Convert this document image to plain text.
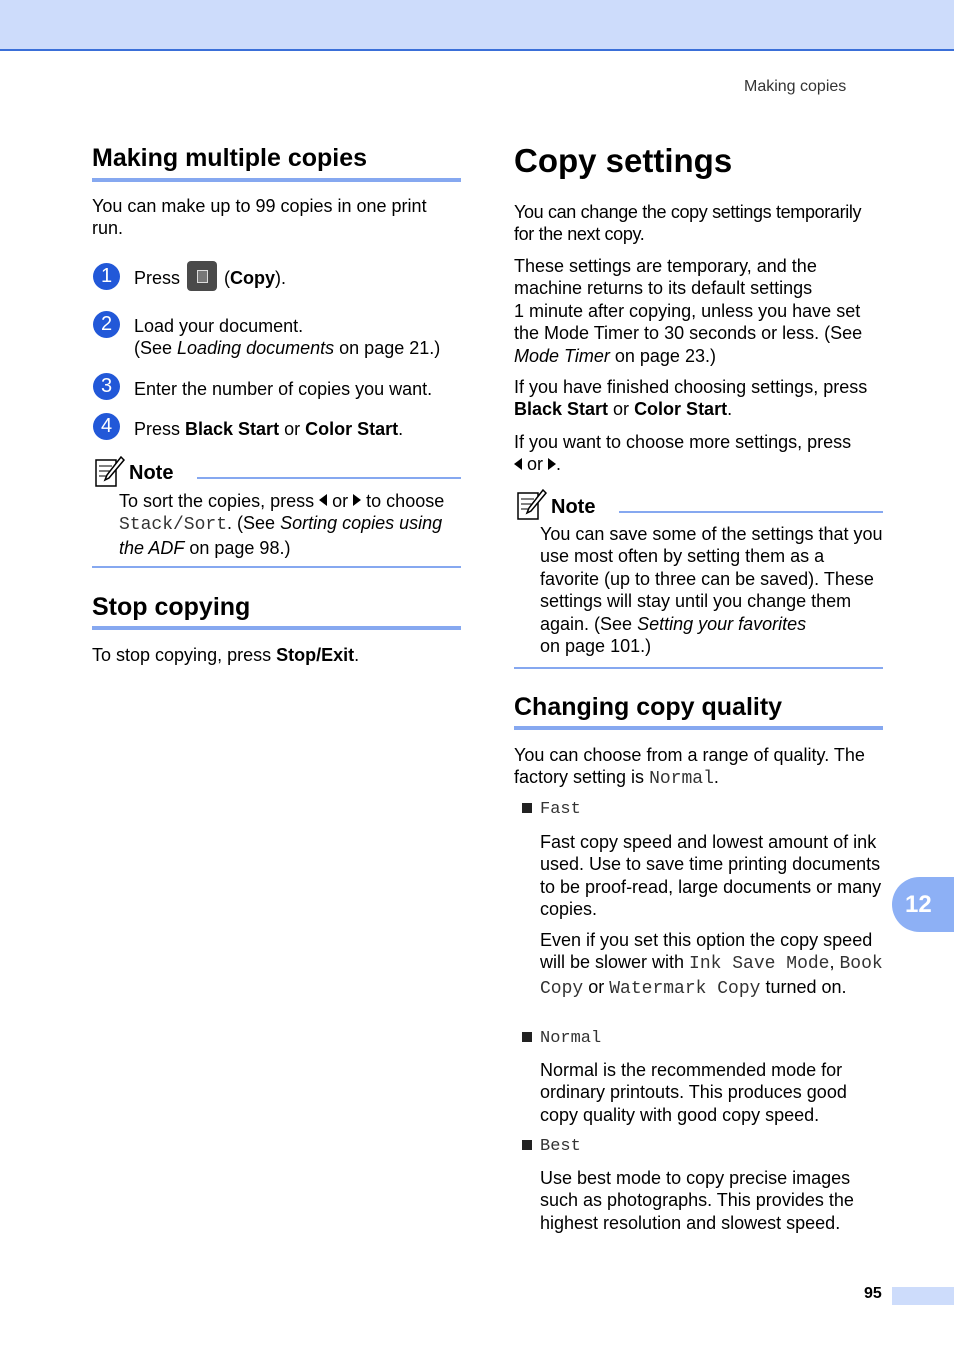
Making copies
Making multiple copies

You can make up to 99 copies in one print run.

1	Press (Copy).

2	Load your document.
(See Loading documents on page 21.)

3	Enter the number of copies you want.

4	Press Black Start or Color Start.

Note

To sort the copies, press or to choose Stack/Sort. (See Sorting copies using the ADF on page 98.)

Stop copying

To stop copying, press Stop/Exit.

Copy settings

You can change the copy settings temporarily for the next copy.

These settings are temporary, and the machine returns to its default settings
1 minute after copying, unless you have set the Mode Timer to 30 seconds or less. (See Mode Timer on page 23.)

If you have finished choosing settings, press Black Start or Color Start.

If you want to choose more settings, press
or .

Note

You can save some of the settings that you use most often by setting them as a favorite (up to three can be saved). These settings will stay until you change them again. (See Setting your favorites
on page 101.)

Changing copy quality

You can choose from a range of quality. The factory setting is Normal.

Fast

Fast copy speed and lowest amount of ink used. Use to save time printing documents to be proof-read, large documents or many copies.

Even if you set this option the copy speed will be slower with Ink Save Mode, Book Copy or Watermark Copy turned on.

Normal

Normal is the recommended mode for ordinary printouts. This produces good copy quality with good copy speed.

Best

Use best mode to copy precise images such as photographs. This provides the highest resolution and slowest speed.

12
95
